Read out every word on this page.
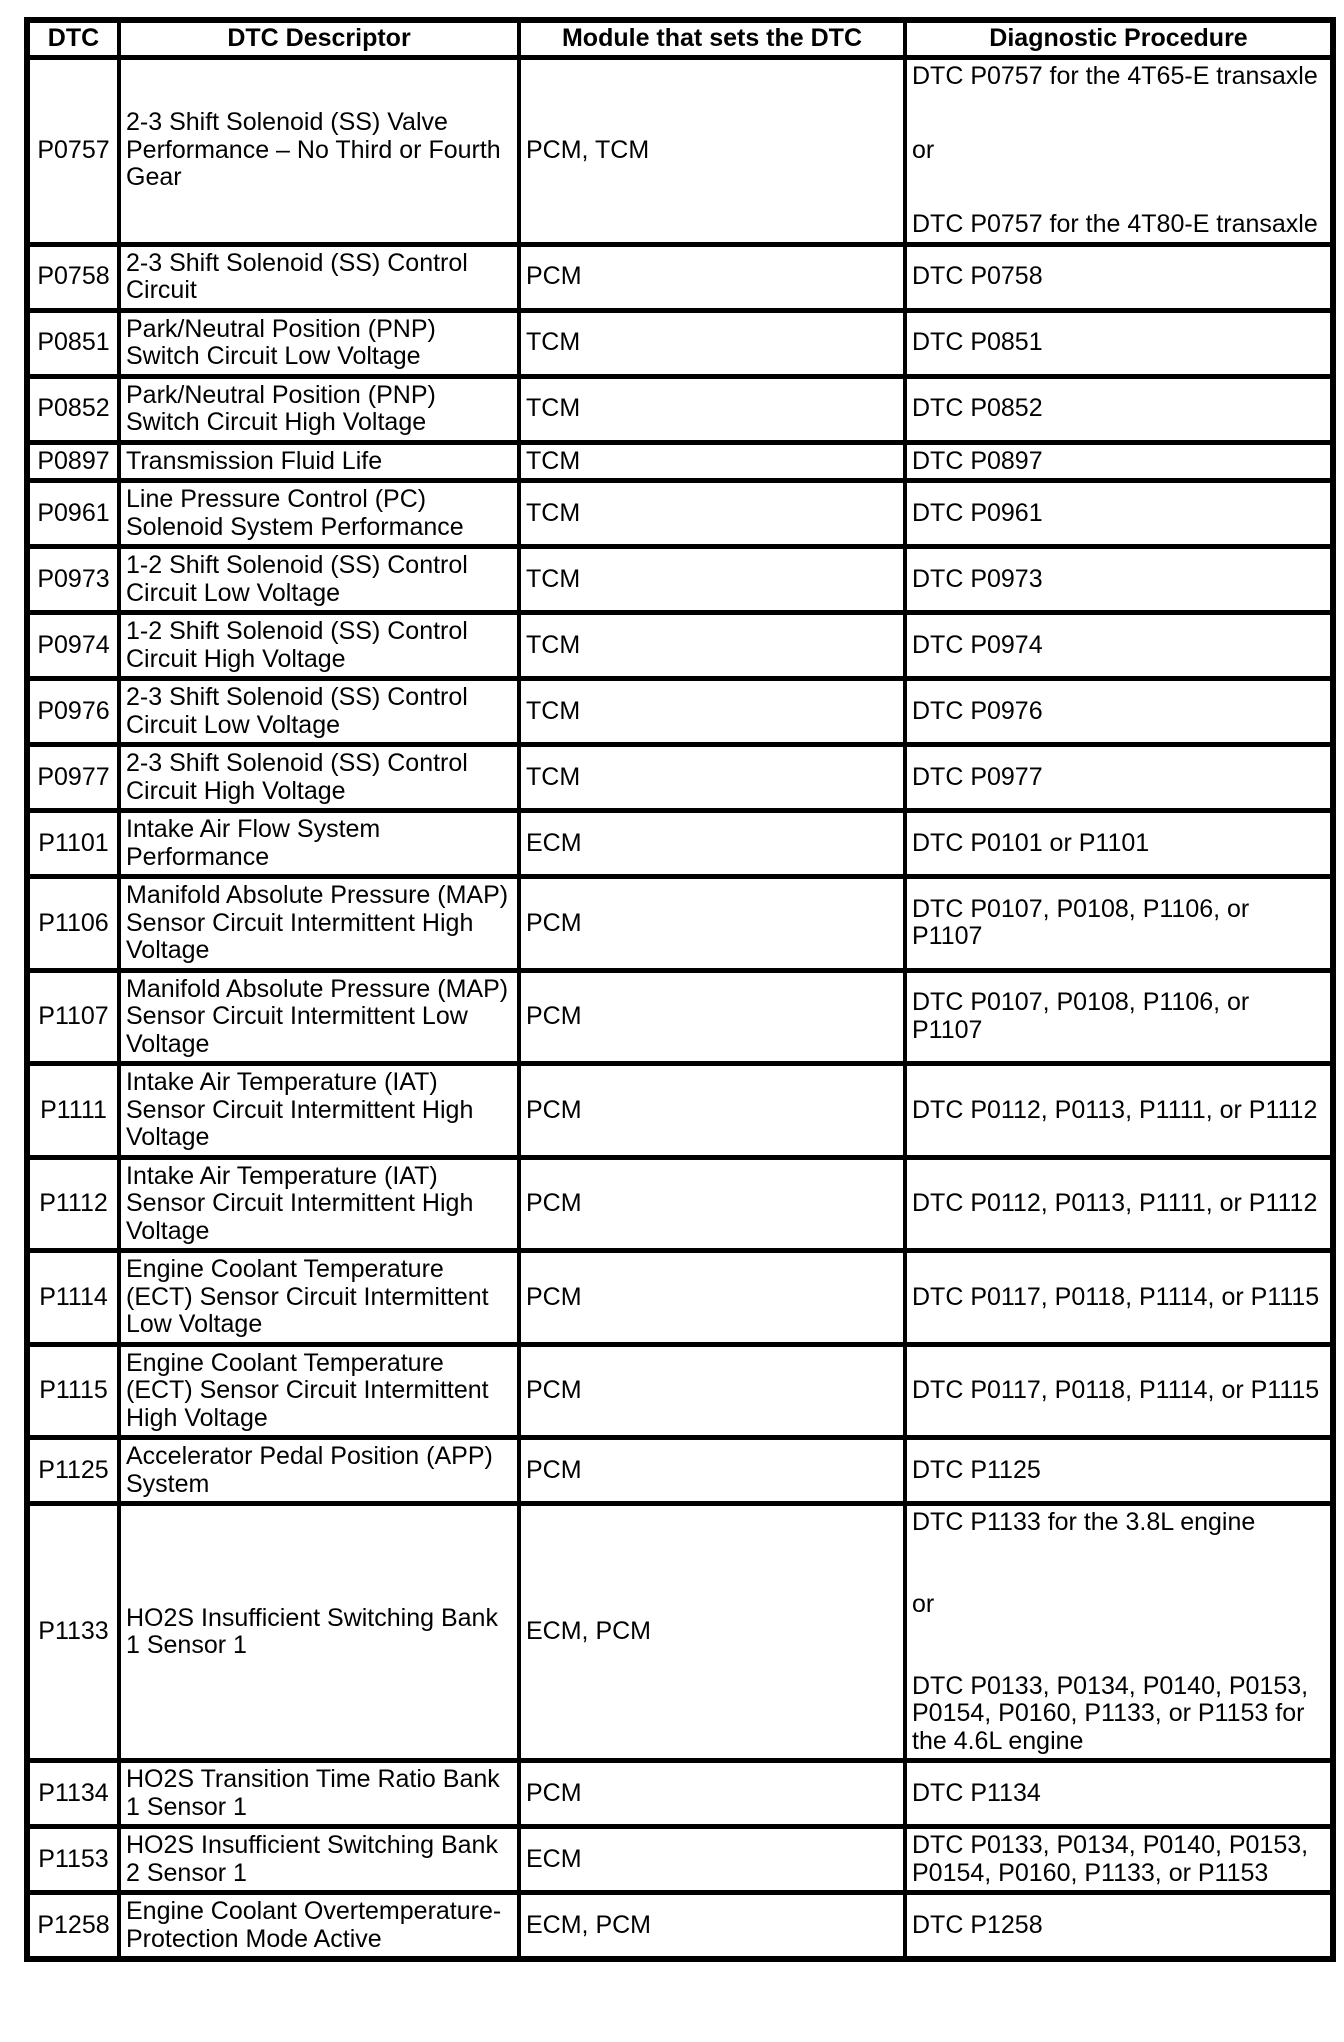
DTC	DTC Descriptor	Module that sets the DTC	Diagnostic Procedure
P0757	2-3 Shift Solenoid (SS) Valve Performance – No Third or Fourth Gear	PCM, TCM	DTC P0757 for the 4T65-E transaxle
or
DTC P0757 for the 4T80-E transaxle

P0758	2-3 Shift Solenoid (SS) Control Circuit	PCM	DTC P0758

P0851	Park/Neutral Position (PNP) Switch Circuit Low Voltage	TCM	DTC P0851

P0852	Park/Neutral Position (PNP) Switch Circuit High Voltage	TCM	DTC P0852

P0897	Transmission Fluid Life	TCM	DTC P0897

P0961	Line Pressure Control (PC) Solenoid System Performance	TCM	DTC P0961

P0973	1-2 Shift Solenoid (SS) Control Circuit Low Voltage	TCM	DTC P0973

P0974	1-2 Shift Solenoid (SS) Control Circuit High Voltage	TCM	DTC P0974

P0976	2-3 Shift Solenoid (SS) Control Circuit Low Voltage	TCM	DTC P0976

P0977	2-3 Shift Solenoid (SS) Control Circuit High Voltage	TCM	DTC P0977

P1101	Intake Air Flow System Performance	ECM	DTC P0101 or P1101

P1106	Manifold Absolute Pressure (MAP) Sensor Circuit Intermittent High Voltage	PCM	DTC P0107, P0108, P1106, or P1107

P1107	Manifold Absolute Pressure (MAP) Sensor Circuit Intermittent Low Voltage	PCM	DTC P0107, P0108, P1106, or P1107

P1111	Intake Air Temperature (IAT) Sensor Circuit Intermittent High Voltage	PCM	DTC P0112, P0113, P1111, or P1112

P1112	Intake Air Temperature (IAT) Sensor Circuit Intermittent High Voltage	PCM	DTC P0112, P0113, P1111, or P1112

P1114	Engine Coolant Temperature (ECT) Sensor Circuit Intermittent Low Voltage	PCM	DTC P0117, P0118, P1114, or P1115

P1115	Engine Coolant Temperature (ECT) Sensor Circuit Intermittent High Voltage	PCM	DTC P0117, P0118, P1114, or P1115

P1125	Accelerator Pedal Position (APP) System	PCM	DTC P1125

P1133	HO2S Insufficient Switching Bank 1 Sensor 1	ECM, PCM	DTC P1133 for the 3.8L engine
or
DTC P0133, P0134, P0140, P0153, P0154, P0160, P1133, or P1153 for the 4.6L engine

P1134	HO2S Transition Time Ratio Bank 1 Sensor 1	PCM	DTC P1134

P1153	HO2S Insufficient Switching Bank 2 Sensor 1	ECM	DTC P0133, P0134, P0140, P0153, P0154, P0160, P1133, or P1153

P1258	Engine Coolant Overtemperature-Protection Mode Active	ECM, PCM	DTC P1258
